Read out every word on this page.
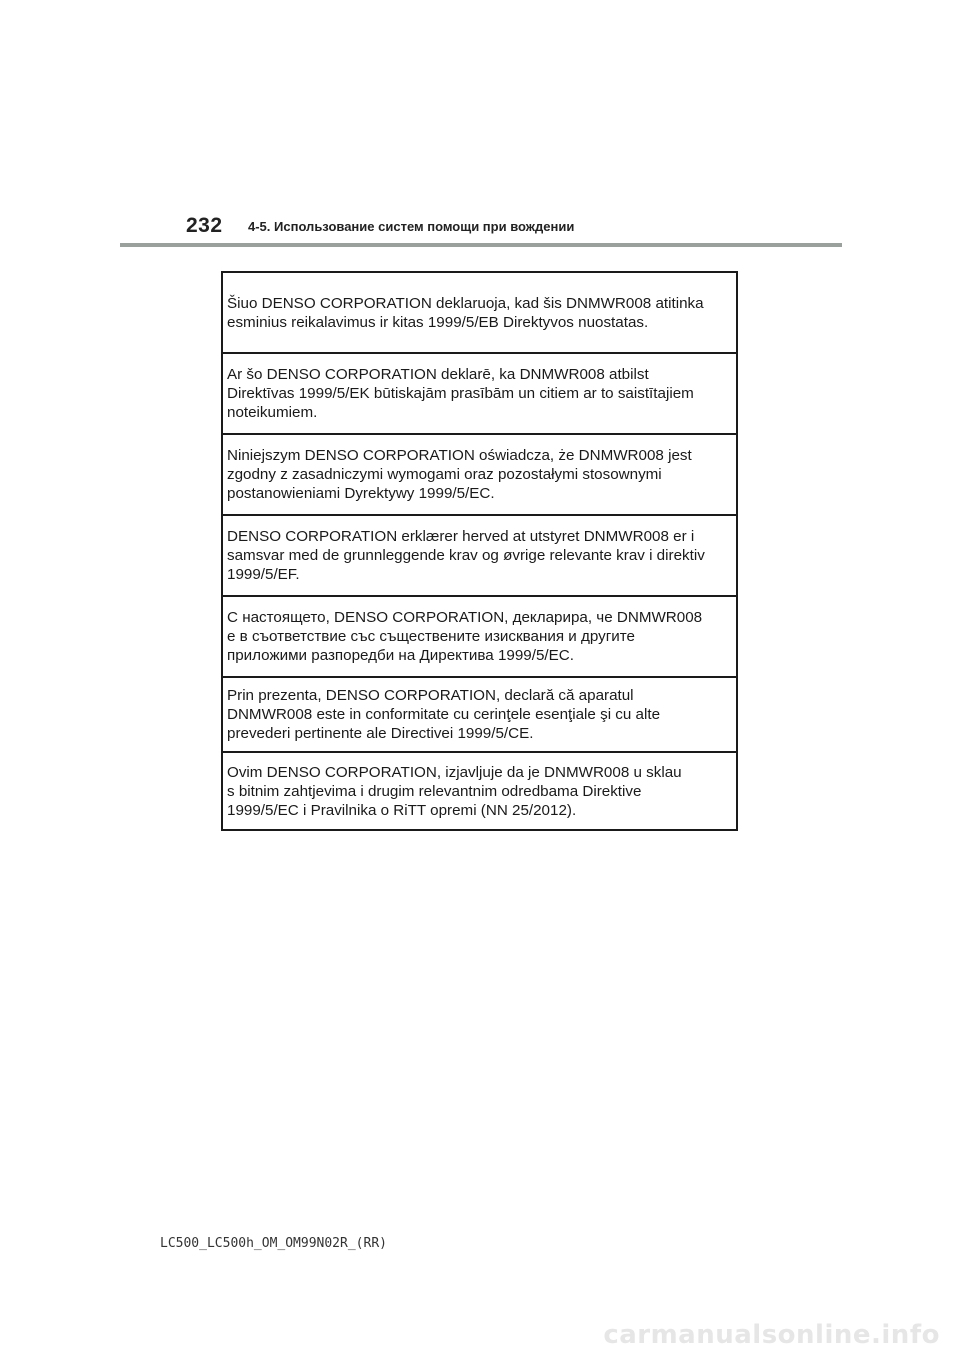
232 4-5. Использование систем помощи при вождении
Šiuo DENSO CORPORATION deklaruoja, kad šis DNMWR008 atitinka
esminius reikalavimus ir kitas 1999/5/EB Direktyvos nuostatas.
Ar šo DENSO CORPORATION deklarē, ka DNMWR008 atbilst
Direktīvas 1999/5/EK būtiskajām prasībām un citiem ar to saistītajiem
noteikumiem.
Niniejszym DENSO CORPORATION oświadcza, że DNMWR008 jest
zgodny z zasadniczymi wymogami oraz pozostałymi stosownymi
postanowieniami Dyrektywy 1999/5/EC.
DENSO CORPORATION erklærer herved at utstyret DNMWR008 er i
samsvar med de grunnleggende krav og øvrige relevante krav i direktiv
1999/5/EF.
С настоящето, DENSO CORPORATION, декларира, че DNMWR008
е в съответствие със съществените изисквания и другите
приложими разпоредби на Директива 1999/5/ЕС.
Prin prezenta, DENSO CORPORATION, declară că aparatul
DNMWR008 este in conformitate cu cerinţele esenţiale şi cu alte
prevederi pertinente ale Directivei 1999/5/CE.
Ovim DENSO CORPORATION, izjavljuje da je DNMWR008 u sklau
s bitnim zahtjevima i drugim relevantnim odredbama Direktive
1999/5/EC i Pravilnika o RiTT opremi (NN 25/2012).
LC500_LC500h_OM_OM99N02R_(RR)
carmanualsonline.info
